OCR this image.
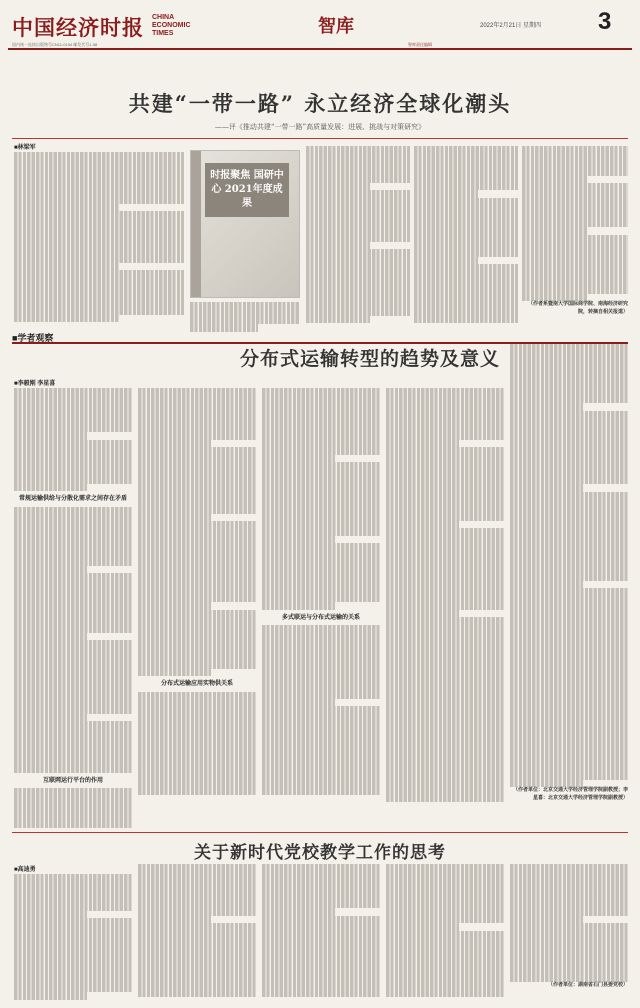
中国经济时报 CHINA ECONOMIC TIMES	智库	2022年2月21日 星期四 3
国内统一连续出版物号CN11-0194 邮发代号1-58	智库责任编辑
共建“一带一路” 永立经济全球化潮头
——评《推动共建“一带一路”高质量发展：进展、挑战与对策研究》
■林梁军
时报聚焦 国研中心 2021年度成果
（作者系暨南大学国际商学院、南海经济研究院，转摘自相关报道）
■学者观察
分布式运输转型的趋势及意义
■李毅刚 李星喜
常规运输供给与分散化需求之间存在矛盾
互联网运行平台的作用
分布式运输应用实物供关系
多式联运与分布式运输的关系
（作者单位：北京交通大学经济管理学院副教授；李星喜：北京交通大学经济管理学院副教授）
关于新时代党校教学工作的思考
■高迪勇
（作者单位：湖南省石门县委党校）
